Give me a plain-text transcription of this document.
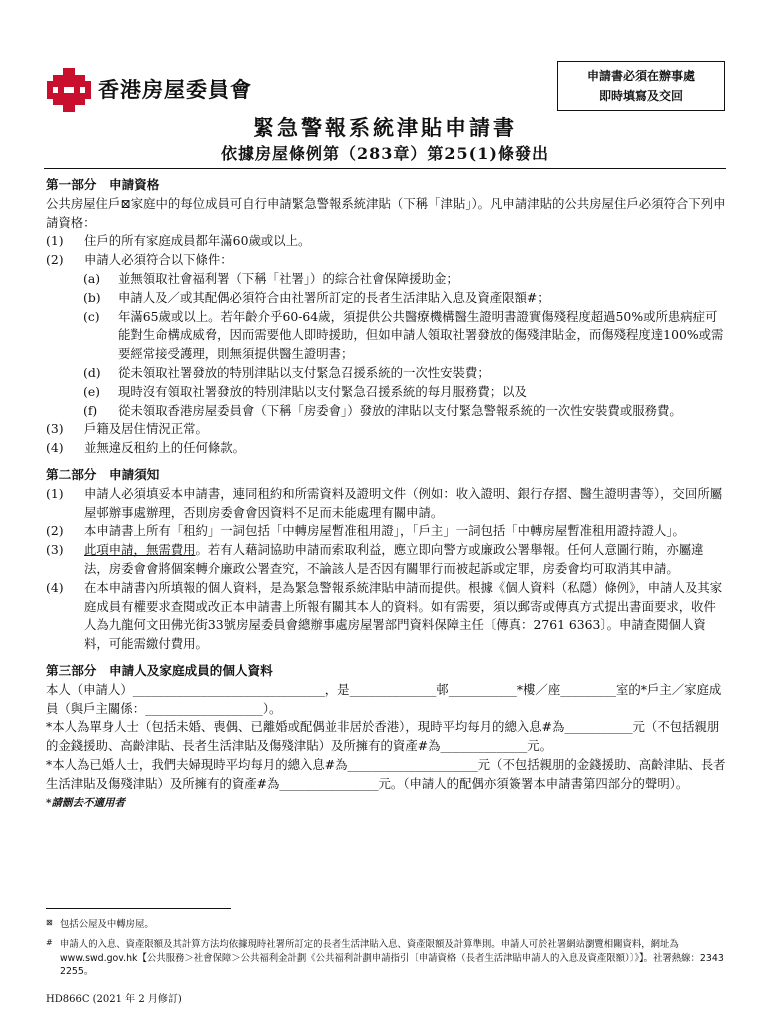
香港房屋委員會
申請書必須在辦事處
即時填寫及交回
緊急警報系統津貼申請書
依據房屋條例第（283章）第25(1)條發出

第一部分　申請資格

公共房屋住戶⊠家庭中的每位成員可自行申請緊急警報系統津貼（下稱「津貼」）。凡申請津貼的公共房屋住戶必須符合下列申請資格：

(1) 住戶的所有家庭成員都年滿60歲或以上。
(2) 申請人必須符合以下條件：
(a) 並無領取社會福利署（下稱「社署」）的綜合社會保障援助金；
(b) 申請人及／或其配偶必須符合由社署所訂定的長者生活津貼入息及資產限額#；
(c) 年滿65歲或以上。若年齡介乎60-64歲，須提供公共醫療機構醫生證明書證實傷殘程度超過50%或所患病症可能對生命構成威脅，因而需要他人即時援助，但如申請人領取社署發放的傷殘津貼金，而傷殘程度達100%或需要經常接受護理，則無須提供醫生證明書；
(d) 從未領取社署發放的特別津貼以支付緊急召援系統的一次性安裝費；
(e) 現時沒有領取社署發放的特別津貼以支付緊急召援系統的每月服務費；以及
(f) 從未領取香港房屋委員會（下稱「房委會」）發放的津貼以支付緊急警報系統的一次性安裝費或服務費。
(3) 戶籍及居住情況正常。
(4) 並無違反租約上的任何條款。

第二部分　申請須知

(1) 申請人必須填妥本申請書，連同租約和所需資料及證明文件（例如：收入證明、銀行存摺、醫生證明書等），交回所屬屋邨辦事處辦理，否則房委會會因資料不足而未能處理有關申請。
(2) 本申請書上所有「租約」一詞包括「中轉房屋暫准租用證」，「戶主」一詞包括「中轉房屋暫准租用證持證人」。
(3) 此項申請，無需費用。若有人藉詞協助申請而索取利益，應立即向警方或廉政公署舉報。任何人意圖行賄，亦屬違法，房委會會將個案轉介廉政公署查究，不論該人是否因有關罪行而被起訴或定罪，房委會均可取消其申請。
(4) 在本申請書內所填報的個人資料，是為緊急警報系統津貼申請而提供。根據《個人資料（私隱）條例》，申請人及其家庭成員有權要求查閱或改正本申請書上所報有關其本人的資料。如有需要，須以郵寄或傳真方式提出書面要求，收件人為九龍何文田佛光街33號房屋委員會總辦事處房屋署部門資料保障主任〔傳真：2761 6363〕。申請查閱個人資料，可能需繳付費用。

第三部分　申請人及家庭成員的個人資料

本人（申請人）_______________________________，是______________邨___________*樓／座_________室的*戶主／家庭成員（與戶主關係：___________________）。

*本人為單身人士（包括未婚、喪偶、已離婚或配偶並非居於香港），現時平均每月的總入息#為___________元（不包括親朋的金錢援助、高齡津貼、長者生活津貼及傷殘津貼）及所擁有的資產#為______________元。

*本人為已婚人士，我們夫婦現時平均每月的總入息#為_____________________元（不包括親朋的金錢援助、高齡津貼、長者生活津貼及傷殘津貼）及所擁有的資產#為________________元。（申請人的配偶亦須簽署本申請書第四部分的聲明）。

*請刪去不適用者

⊠ 包括公屋及中轉房屋。
# 申請人的入息、資產限額及其計算方法均依據現時社署所訂定的長者生活津貼入息、資產限額及計算準則。申請人可於社署網站瀏覽相關資料，網址為 www.swd.gov.hk【公共服務＞社會保障＞公共福利金計劃《公共福利計劃申請指引〔申請資格（長者生活津貼申請人的入息及資產限額）〕》】。社署熱線：2343 2255。
HD866C (2021 年 2 月修訂)
